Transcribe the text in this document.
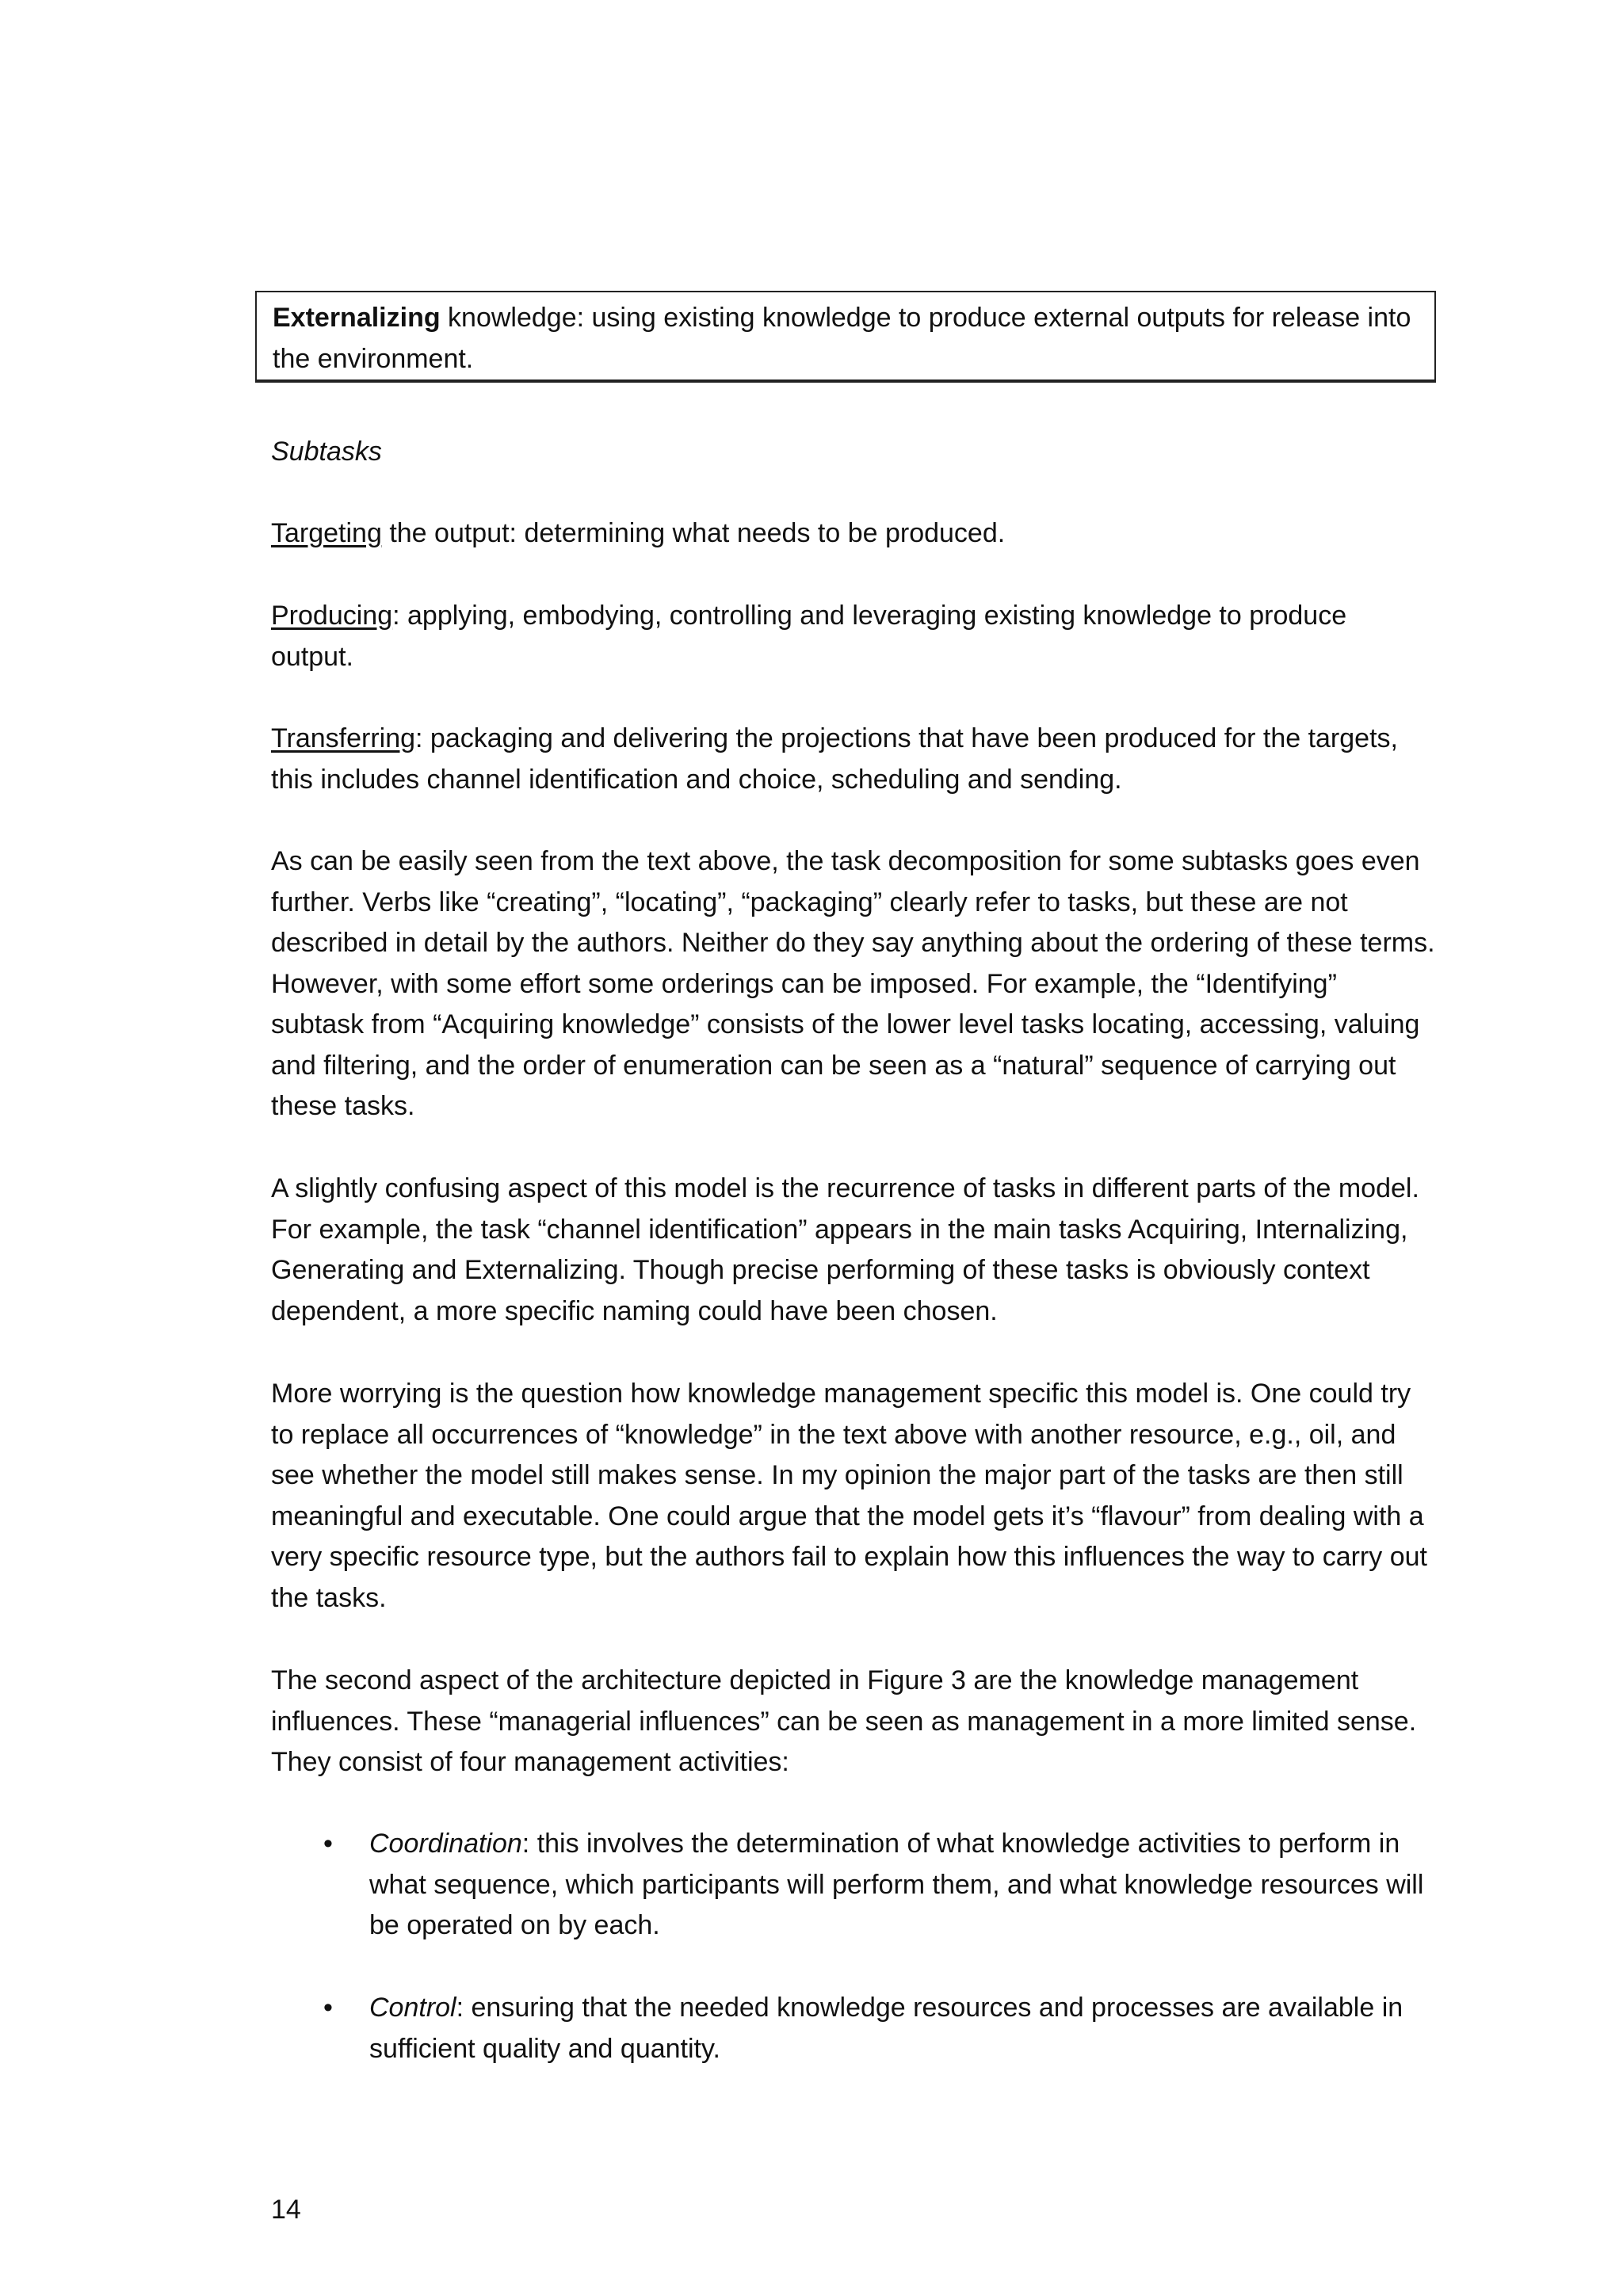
Externalizing knowledge: using existing knowledge to produce external outputs for release into the environment.

Subtasks

Targeting the output: determining what needs to be produced.

Producing: applying, embodying, controlling and leveraging existing knowledge to produce output.

Transferring: packaging and delivering the projections that have been produced for the targets, this includes channel identification and choice, scheduling and sending.

As can be easily seen from the text above, the task decomposition for some subtasks goes even further. Verbs like “creating”, “locating”, “packaging” clearly refer to tasks, but these are not described in detail by the authors. Neither do they say anything about the ordering of these terms. However, with some effort some orderings can be imposed. For example, the “Identifying” subtask from “Acquiring knowledge” consists of the lower level tasks locating, accessing, valuing and filtering, and the order of enumeration can be seen as a “natural” sequence of carrying out these tasks.

A slightly confusing aspect of this model is the recurrence of tasks in different parts of the model. For example, the task “channel identification” appears in the main tasks Acquiring, Internalizing, Generating and Externalizing. Though precise performing of these tasks is obviously context dependent, a more specific naming could have been chosen.

More worrying is the question how knowledge management specific this model is. One could try to replace all occurrences of “knowledge” in the text above with another resource, e.g., oil, and see whether the model still makes sense. In my opinion the major part of the tasks are then still meaningful and executable. One could argue that the model gets it’s “flavour” from dealing with a very specific resource type, but the authors fail to explain how this influences the way to carry out the tasks.

The second aspect of the architecture depicted in Figure 3 are the knowledge management influences. These “managerial influences” can be seen as management in a more limited sense. They consist of four management activities:

• Coordination: this involves the determination of what knowledge activities to perform in what sequence, which participants will perform them, and what knowledge resources will be operated on by each.
• Control: ensuring that the needed knowledge resources and processes are available in sufficient quality and quantity.
14
